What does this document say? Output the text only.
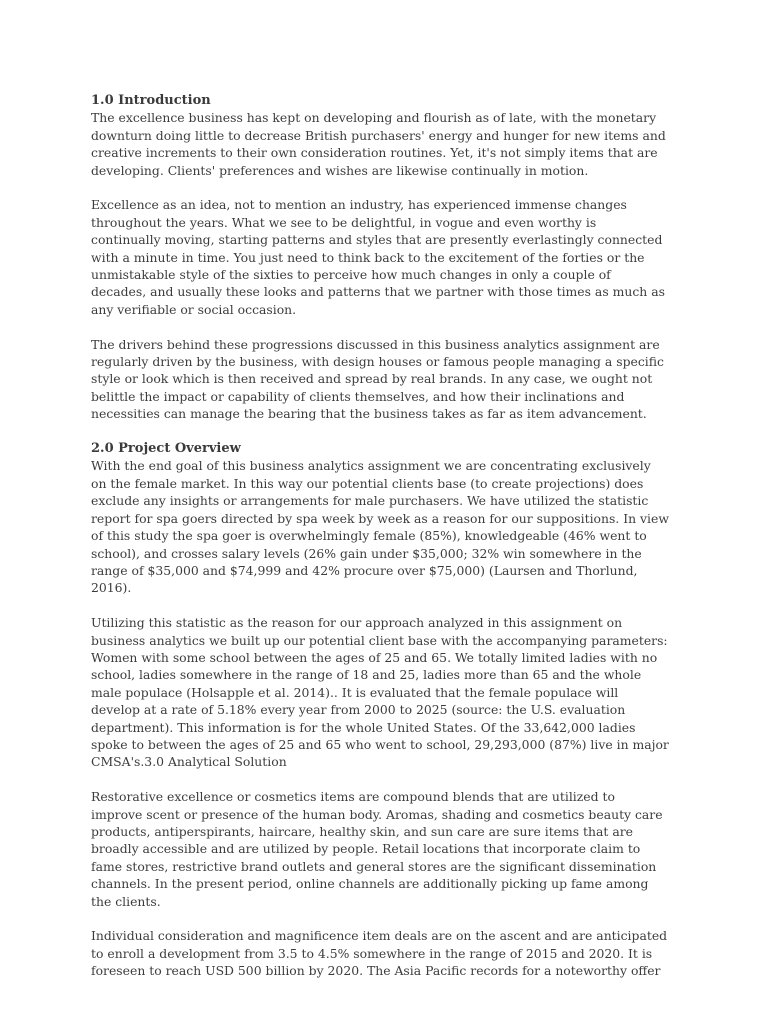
1.0 Introduction

The excellence business has kept on developing and flourish as of late, with the monetary downturn doing little to decrease British purchasers' energy and hunger for new items and creative increments to their own consideration routines. Yet, it's not simply items that are developing. Clients' preferences and wishes are likewise continually in motion.

Excellence as an idea, not to mention an industry, has experienced immense changes throughout the years. What we see to be delightful, in vogue and even worthy is continually moving, starting patterns and styles that are presently everlastingly connected with a minute in time. You just need to think back to the excitement of the forties or the unmistakable style of the sixties to perceive how much changes in only a couple of decades, and usually these looks and patterns that we partner with those times as much as any verifiable or social occasion.

The drivers behind these progressions discussed in this business analytics assignment are regularly driven by the business, with design houses or famous people managing a specific style or look which is then received and spread by real brands. In any case, we ought not belittle the impact or capability of clients themselves, and how their inclinations and necessities can manage the bearing that the business takes as far as item advancement.

2.0 Project Overview

With the end goal of this business analytics assignment we are concentrating exclusively on the female market. In this way our potential clients base (to create projections) does exclude any insights or arrangements for male purchasers. We have utilized the statistic report for spa goers directed by spa week by week as a reason for our suppositions. In view of this study the spa goer is overwhelmingly female (85%), knowledgeable (46% went to school), and crosses salary levels (26% gain under $35,000; 32% win somewhere in the range of $35,000 and $74,999 and 42% procure over $75,000) (Laursen and Thorlund, 2016).

Utilizing this statistic as the reason for our approach analyzed in this assignment on business analytics we built up our potential client base with the accompanying parameters: Women with some school between the ages of 25 and 65. We totally limited ladies with no school, ladies somewhere in the range of 18 and 25, ladies more than 65 and the whole male populace (Holsapple et al. 2014).. It is evaluated that the female populace will develop at a rate of 5.18% every year from 2000 to 2025 (source: the U.S. evaluation department). This information is for the whole United States. Of the 33,642,000 ladies spoke to between the ages of 25 and 65 who went to school, 29,293,000 (87%) live in major CMSA's.3.0 Analytical Solution

Restorative excellence or cosmetics items are compound blends that are utilized to improve scent or presence of the human body. Aromas, shading and cosmetics beauty care products, antiperspirants, haircare, healthy skin, and sun care are sure items that are broadly accessible and are utilized by people. Retail locations that incorporate claim to fame stores, restrictive brand outlets and general stores are the significant dissemination channels. In the present period, online channels are additionally picking up fame among the clients.

Individual consideration and magnificence item deals are on the ascent and are anticipated to enroll a development from 3.5 to 4.5% somewhere in the range of 2015 and 2020. It is foreseen to reach USD 500 billion by 2020. The Asia Pacific records for a noteworthy offer
